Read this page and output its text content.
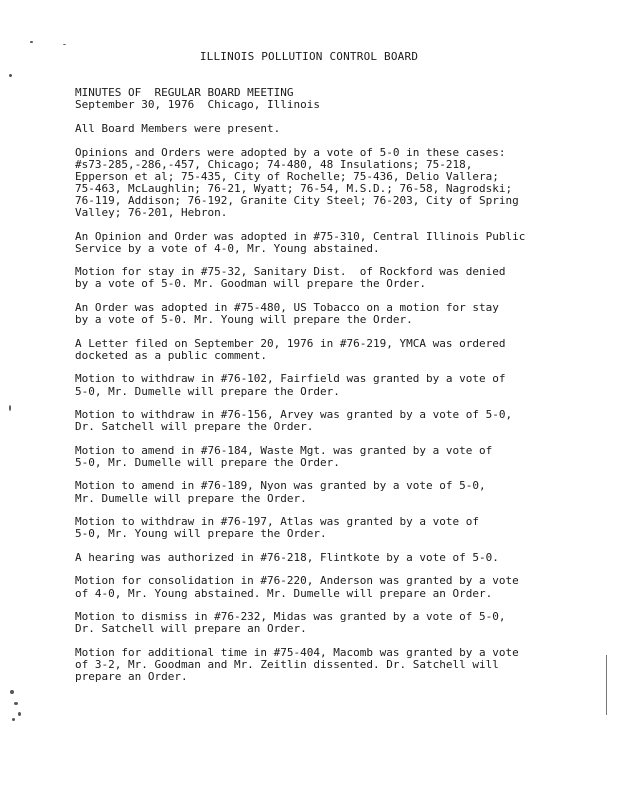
ILLINOIS POLLUTION CONTROL BOARD
MINUTES OF  REGULAR BOARD MEETING
September 30, 1976  Chicago, Illinois

All Board Members were present.

Opinions and Orders were adopted by a vote of 5-0 in these cases:
#s73-285,-286,-457, Chicago; 74-480, 48 Insulations; 75-218,
Epperson et al; 75-435, City of Rochelle; 75-436, Delio Vallera;
75-463, McLaughlin; 76-21, Wyatt; 76-54, M.S.D.; 76-58, Nagrodski;
76-119, Addison; 76-192, Granite City Steel; 76-203, City of Spring
Valley; 76-201, Hebron.

An Opinion and Order was adopted in #75-310, Central Illinois Public
Service by a vote of 4-0, Mr. Young abstained.

Motion for stay in #75-32, Sanitary Dist.  of Rockford was denied
by a vote of 5-0. Mr. Goodman will prepare the Order.

An Order was adopted in #75-480, US Tobacco on a motion for stay
by a vote of 5-0. Mr. Young will prepare the Order.

A Letter filed on September 20, 1976 in #76-219, YMCA was ordered
docketed as a public comment.

Motion to withdraw in #76-102, Fairfield was granted by a vote of
5-0, Mr. Dumelle will prepare the Order.

Motion to withdraw in #76-156, Arvey was granted by a vote of 5-0,
Dr. Satchell will prepare the Order.

Motion to amend in #76-184, Waste Mgt. was granted by a vote of
5-0, Mr. Dumelle will prepare the Order.

Motion to amend in #76-189, Nyon was granted by a vote of 5-0,
Mr. Dumelle will prepare the Order.

Motion to withdraw in #76-197, Atlas was granted by a vote of
5-0, Mr. Young will prepare the Order.

A hearing was authorized in #76-218, Flintkote by a vote of 5-0.

Motion for consolidation in #76-220, Anderson was granted by a vote
of 4-0, Mr. Young abstained. Mr. Dumelle will prepare an Order.

Motion to dismiss in #76-232, Midas was granted by a vote of 5-0,
Dr. Satchell will prepare an Order.

Motion for additional time in #75-404, Macomb was granted by a vote
of 3-2, Mr. Goodman and Mr. Zeitlin dissented. Dr. Satchell will
prepare an Order.
